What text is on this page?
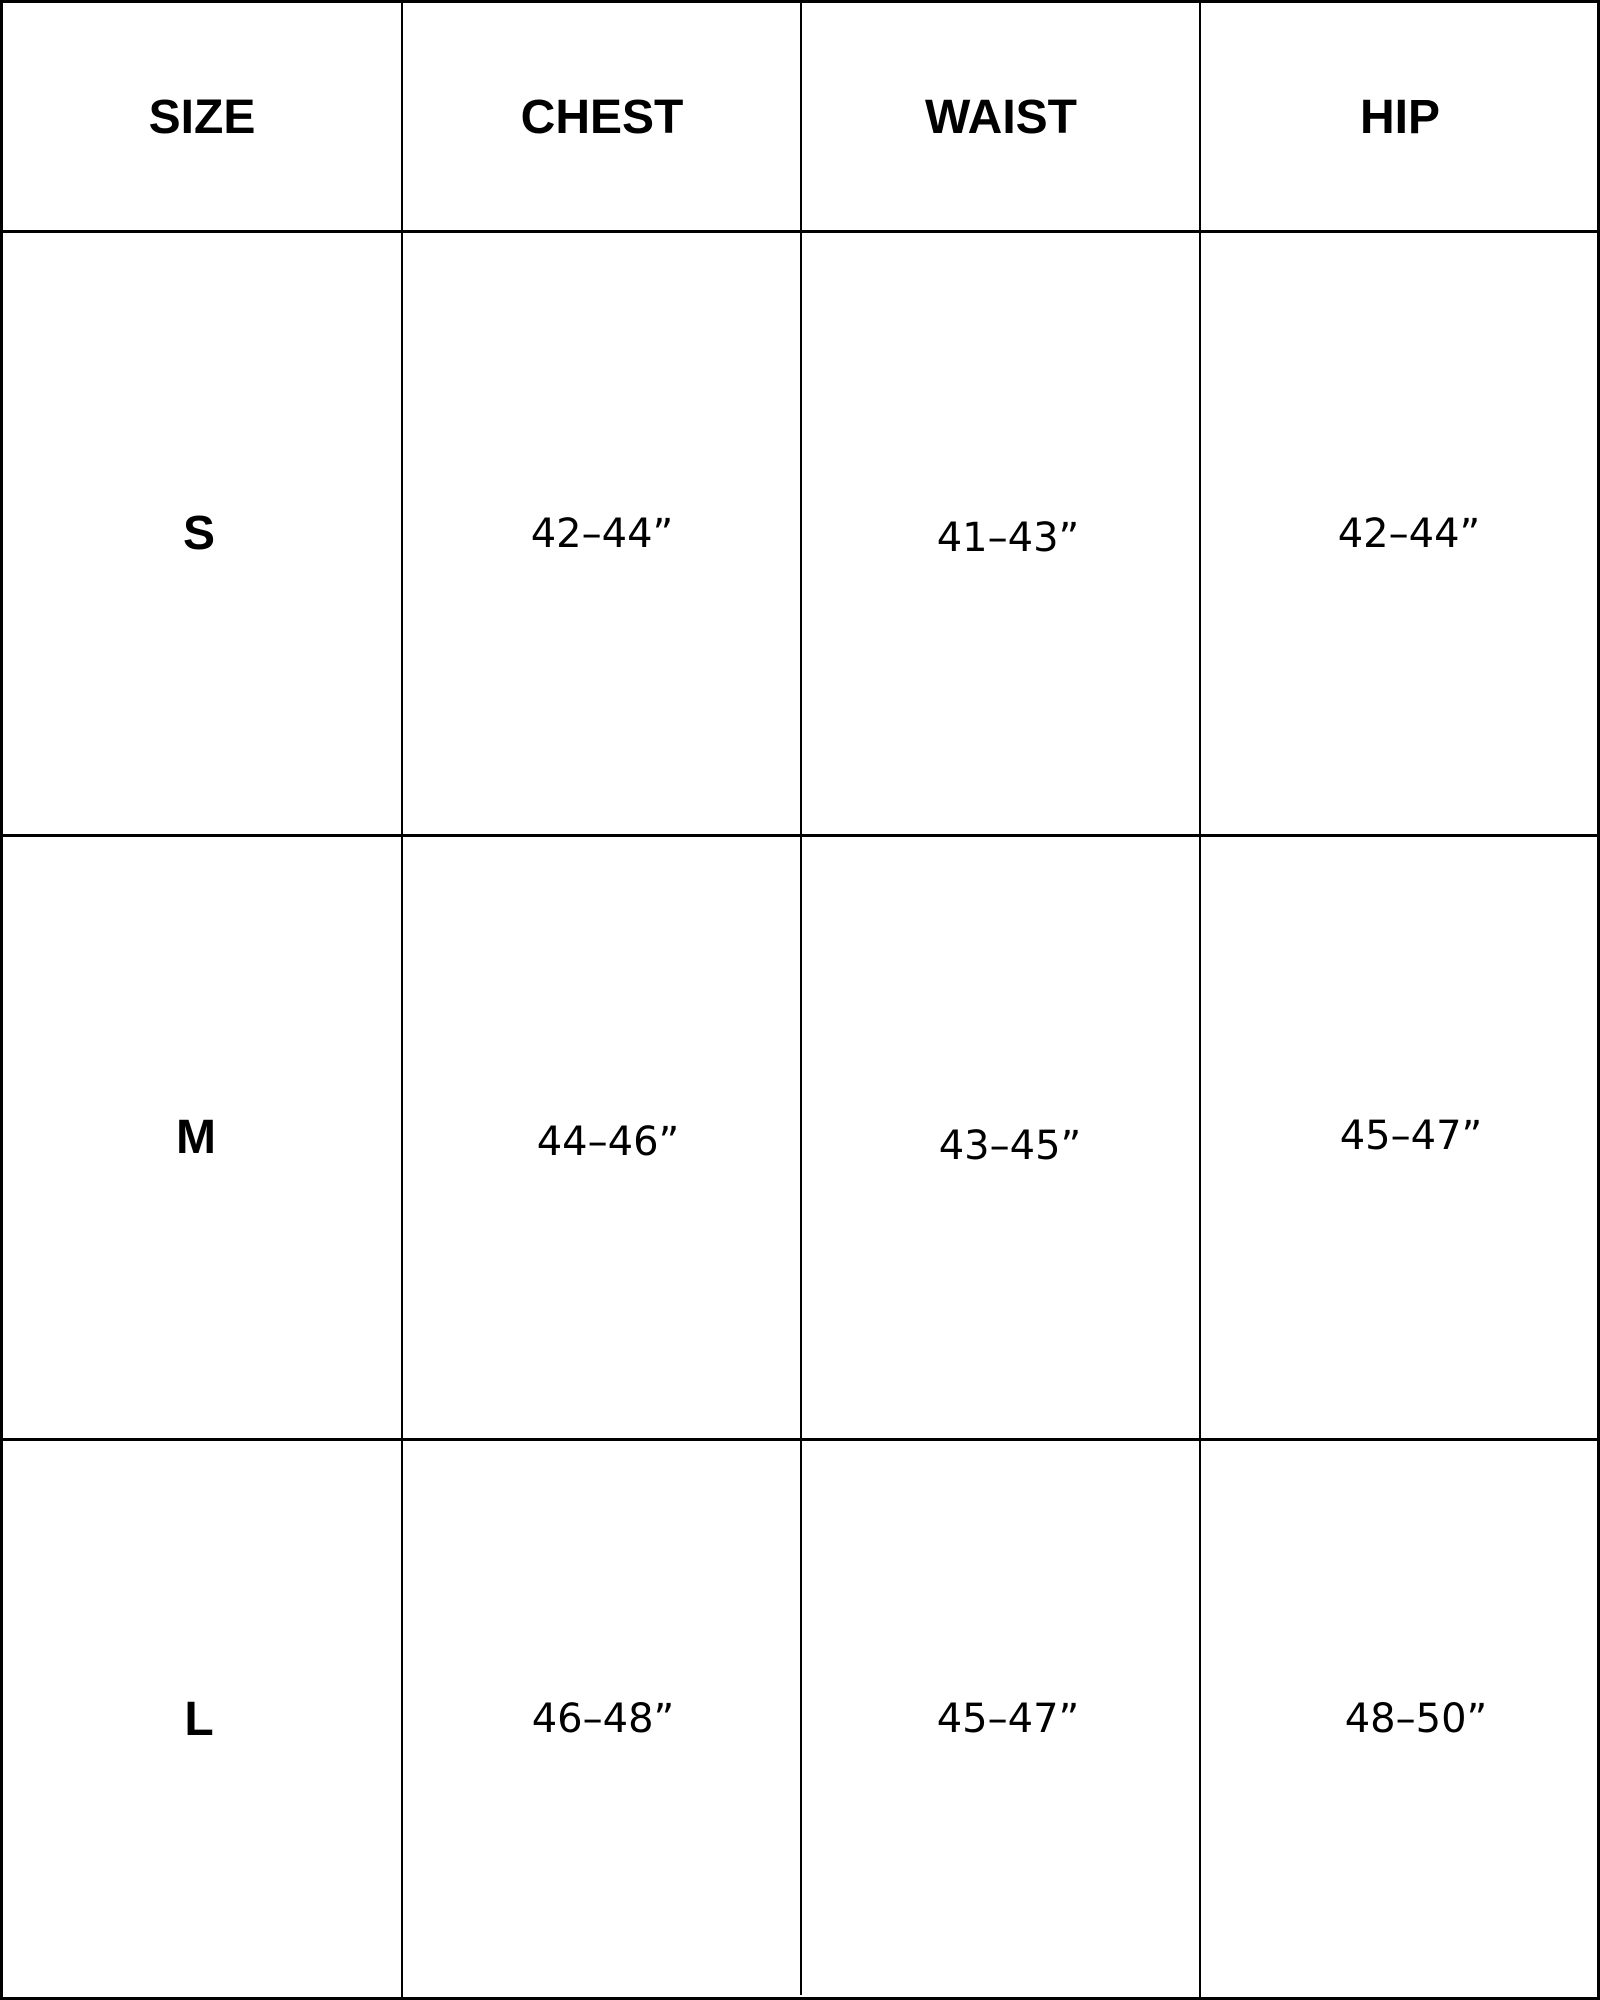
SIZE	CHEST	WAIST	HIP
S	42–44”	41–43”	42–44”
M	44–46”	43–45”	45–47”
L	46–48”	45–47”	48–50”
